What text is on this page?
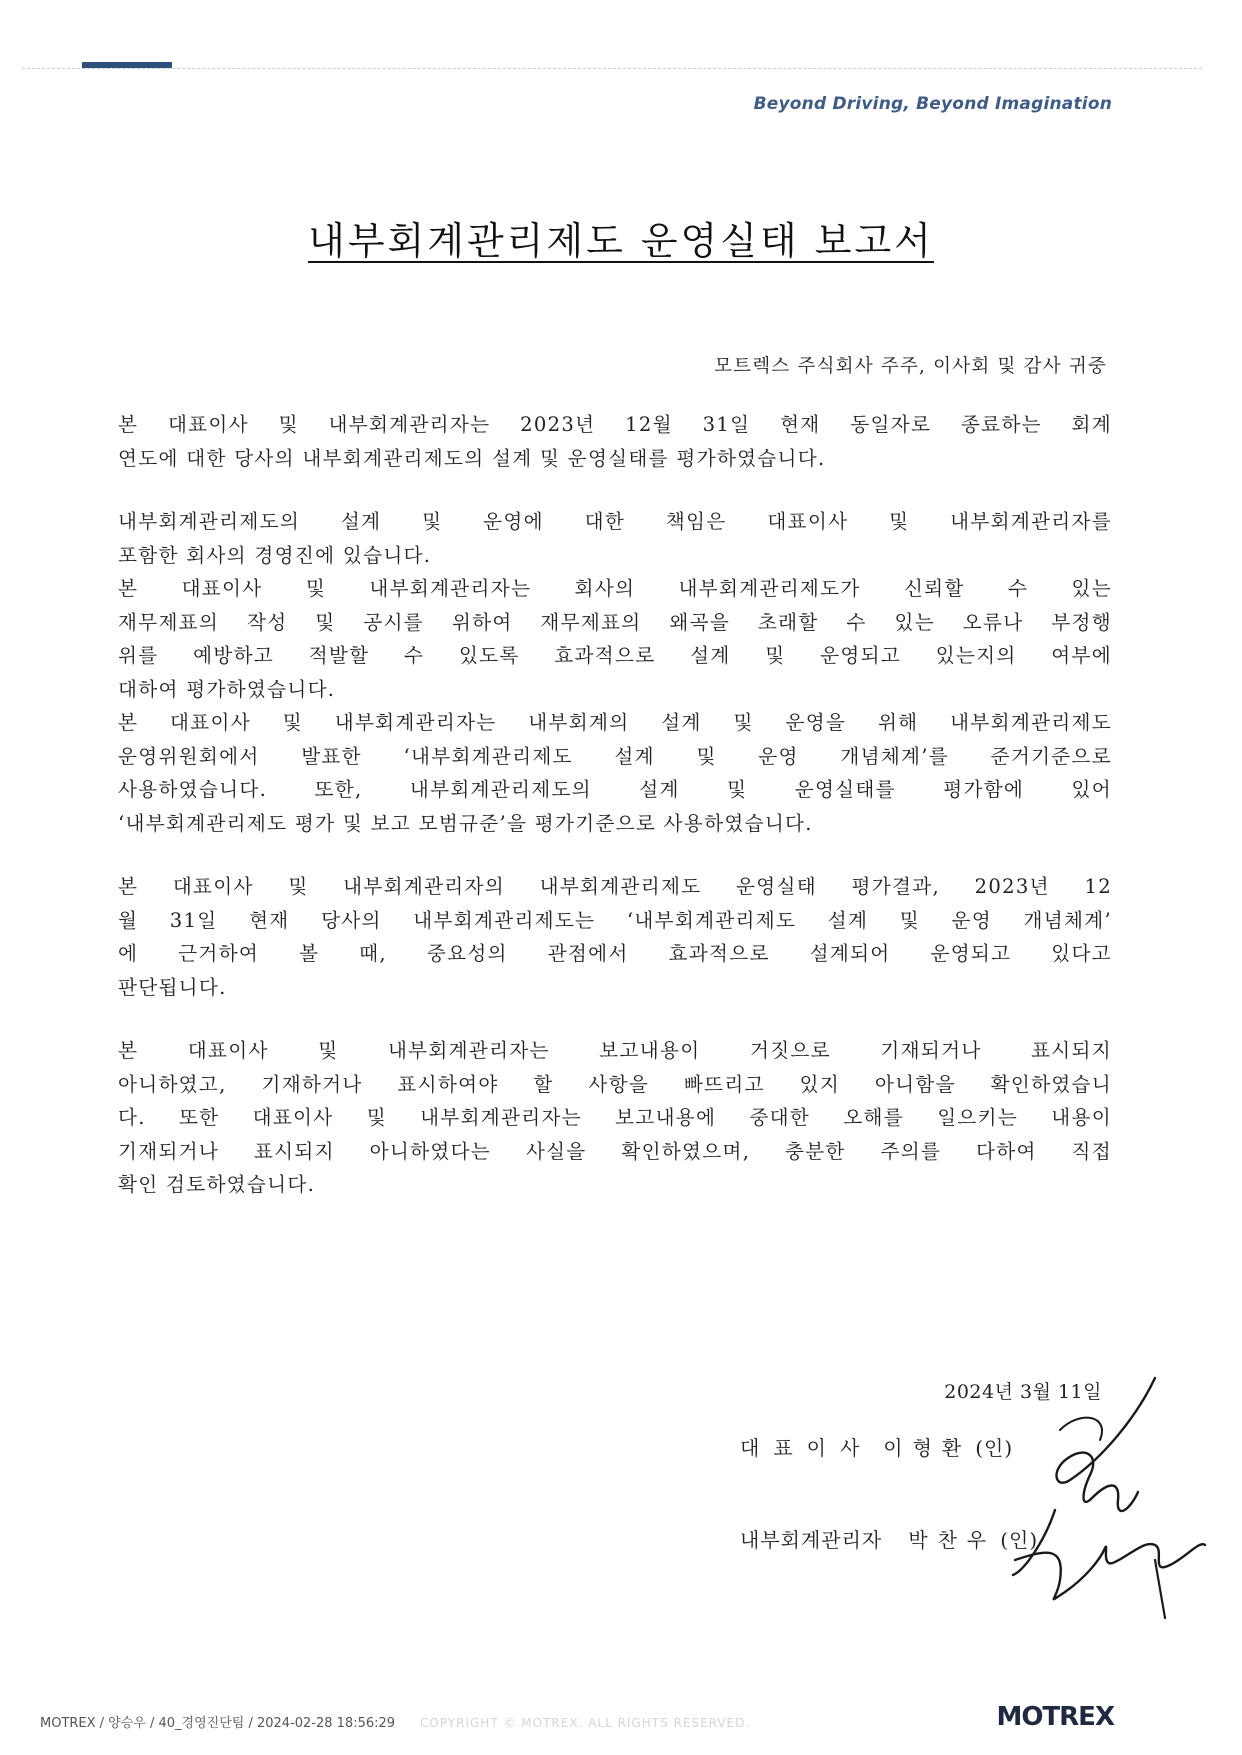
Beyond Driving, Beyond Imagination
내부회계관리제도 운영실태 보고서
모트렉스 주식회사 주주, 이사회 및 감사 귀중
본 대표이사 및 내부회계관리자는 2023년 12월 31일 현재 동일자로 종료하는 회계
연도에 대한 당사의 내부회계관리제도의 설계 및 운영실태를 평가하였습니다.
내부회계관리제도의 설계 및 운영에 대한 책임은 대표이사 및 내부회계관리자를
포함한 회사의 경영진에 있습니다.
본 대표이사 및 내부회계관리자는 회사의 내부회계관리제도가 신뢰할 수 있는
재무제표의 작성 및 공시를 위하여 재무제표의 왜곡을 초래할 수 있는 오류나 부정행
위를 예방하고 적발할 수 있도록 효과적으로 설계 및 운영되고 있는지의 여부에
대하여 평가하였습니다.
본 대표이사 및 내부회계관리자는 내부회계의 설계 및 운영을 위해 내부회계관리제도
운영위원회에서 발표한 ‘내부회계관리제도 설계 및 운영 개념체계’를 준거기준으로
사용하였습니다. 또한, 내부회계관리제도의 설계 및 운영실태를 평가함에 있어
‘내부회계관리제도 평가 및 보고 모범규준’을 평가기준으로 사용하였습니다.
본 대표이사 및 내부회계관리자의 내부회계관리제도 운영실태 평가결과, 2023년 12
월 31일 현재 당사의 내부회계관리제도는 ‘내부회계관리제도 설계 및 운영 개념체계’
에 근거하여 볼 때, 중요성의 관점에서 효과적으로 설계되어 운영되고 있다고
판단됩니다.
본 대표이사 및 내부회계관리자는 보고내용이 거짓으로 기재되거나 표시되지
아니하였고, 기재하거나 표시하여야 할 사항을 빠뜨리고 있지 아니함을 확인하였습니
다. 또한 대표이사 및 내부회계관리자는 보고내용에 중대한 오해를 일으키는 내용이
기재되거나 표시되지 아니하였다는 사실을 확인하였으며, 충분한 주의를 다하여 직접
확인 검토하였습니다.
2024년 3월 11일
대표이사 이형환 (인)
내부회계관리자 박찬우 (인)
MOTREX / 양승우 / 40_경영진단팀 / 2024-02-28 18:56:29 COPYRIGHT © MOTREX. ALL RIGHTS RESERVED.	MOTREX
